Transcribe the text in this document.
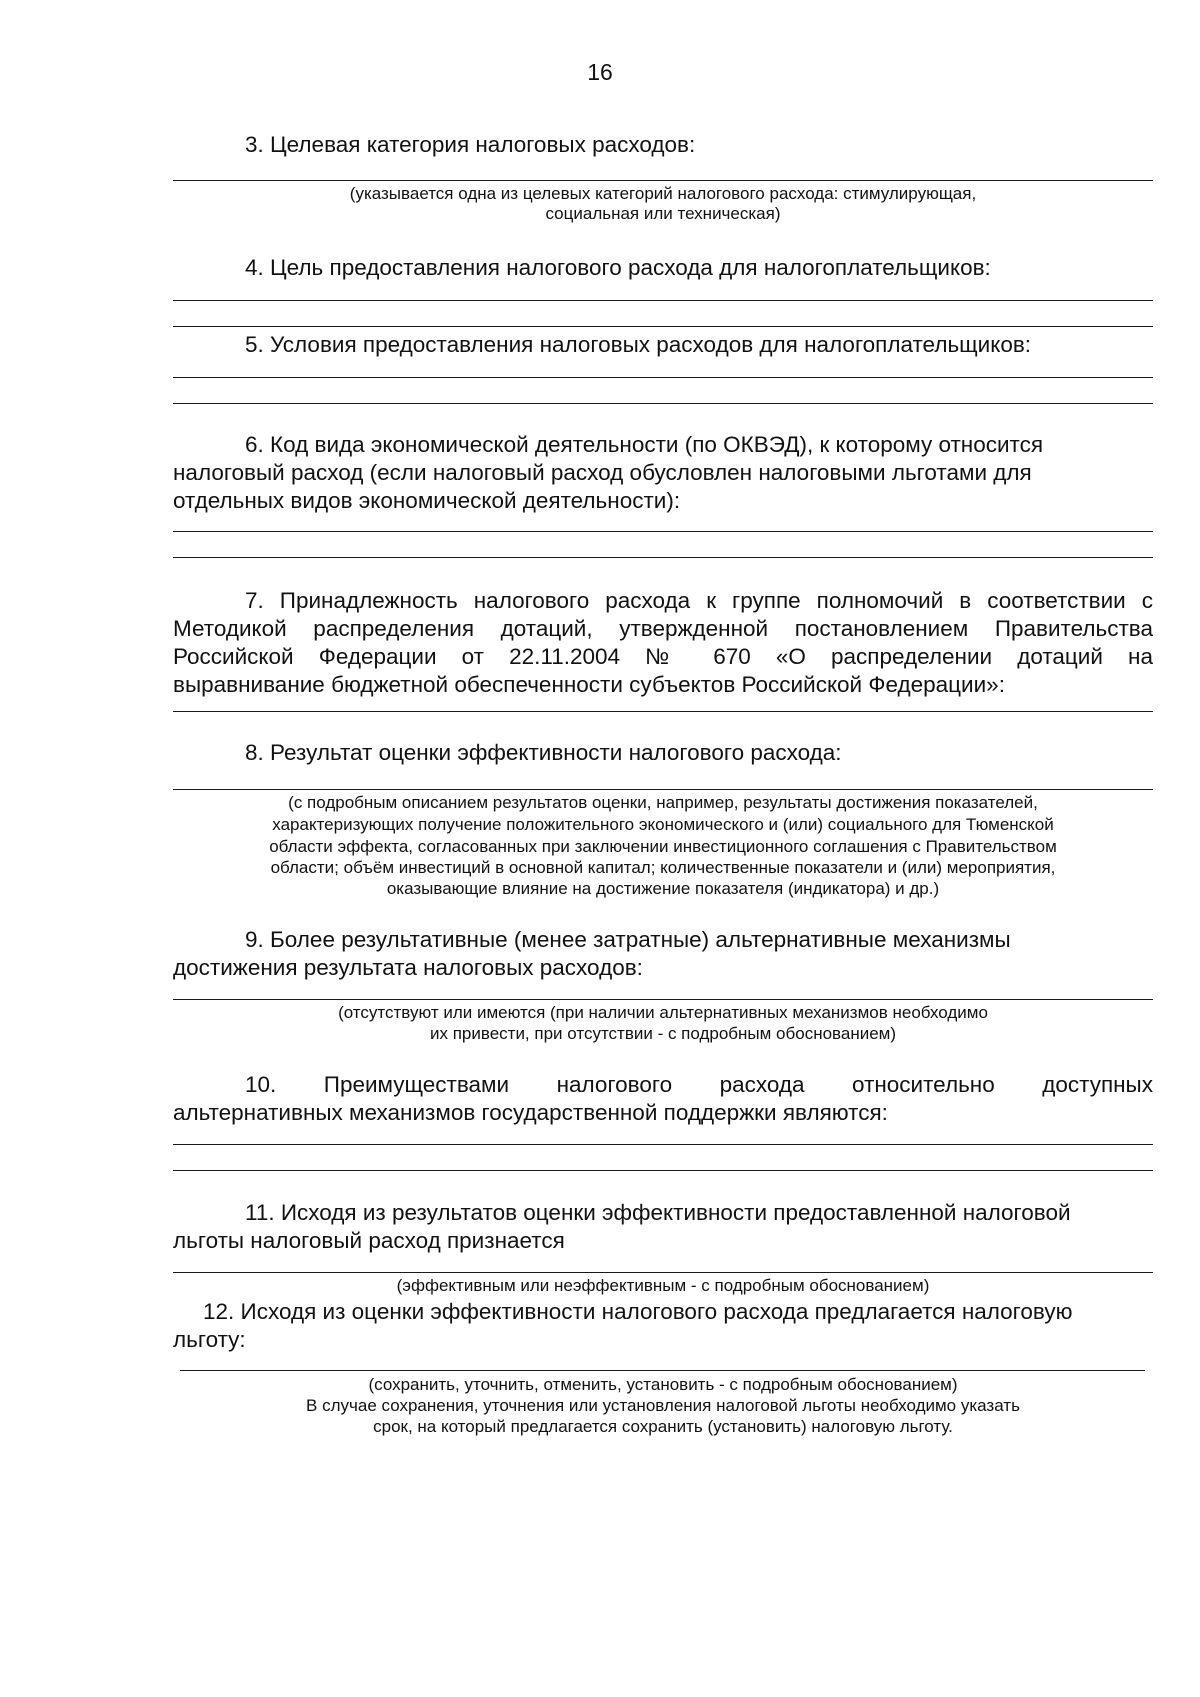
16
3. Целевая категория налоговых расходов:
(указывается одна из целевых категорий налогового расхода: стимулирующая,
социальная или техническая)
4. Цель предоставления налогового расхода для налогоплательщиков:
5. Условия предоставления налоговых расходов для налогоплательщиков:
6. Код вида экономической деятельности (по ОКВЭД), к которому относится
налоговый расход (если налоговый расход обусловлен налоговыми льготами для
отдельных видов экономической деятельности):
7. Принадлежность налогового расхода к группе полномочий в соответствии с
Методикой распределения дотаций, утвержденной постановлением Правительства
Российской Федерации от 22.11.2004 № 670 «О распределении дотаций на
выравнивание бюджетной обеспеченности субъектов Российской Федерации»:
8. Результат оценки эффективности налогового расхода:
(с подробным описанием результатов оценки, например, результаты достижения показателей,
характеризующих получение положительного экономического и (или) социального для Тюменской
области эффекта, согласованных при заключении инвестиционного соглашения с Правительством
области; объём инвестиций в основной капитал; количественные показатели и (или) мероприятия,
оказывающие влияние на достижение показателя (индикатора) и др.)
9. Более результативные (менее затратные) альтернативные механизмы
достижения результата налоговых расходов:
(отсутствуют или имеются (при наличии альтернативных механизмов необходимо
их привести, при отсутствии - с подробным обоснованием)
10. Преимуществами налогового расхода относительно доступных
альтернативных механизмов государственной поддержки являются:
11. Исходя из результатов оценки эффективности предоставленной налоговой
льготы налоговый расход признается
(эффективным или неэффективным - с подробным обоснованием)
12. Исходя из оценки эффективности налогового расхода предлагается налоговую
льготу:
(сохранить, уточнить, отменить, установить - с подробным обоснованием)
В случае сохранения, уточнения или установления налоговой льготы необходимо указать
срок, на который предлагается сохранить (установить) налоговую льготу.
